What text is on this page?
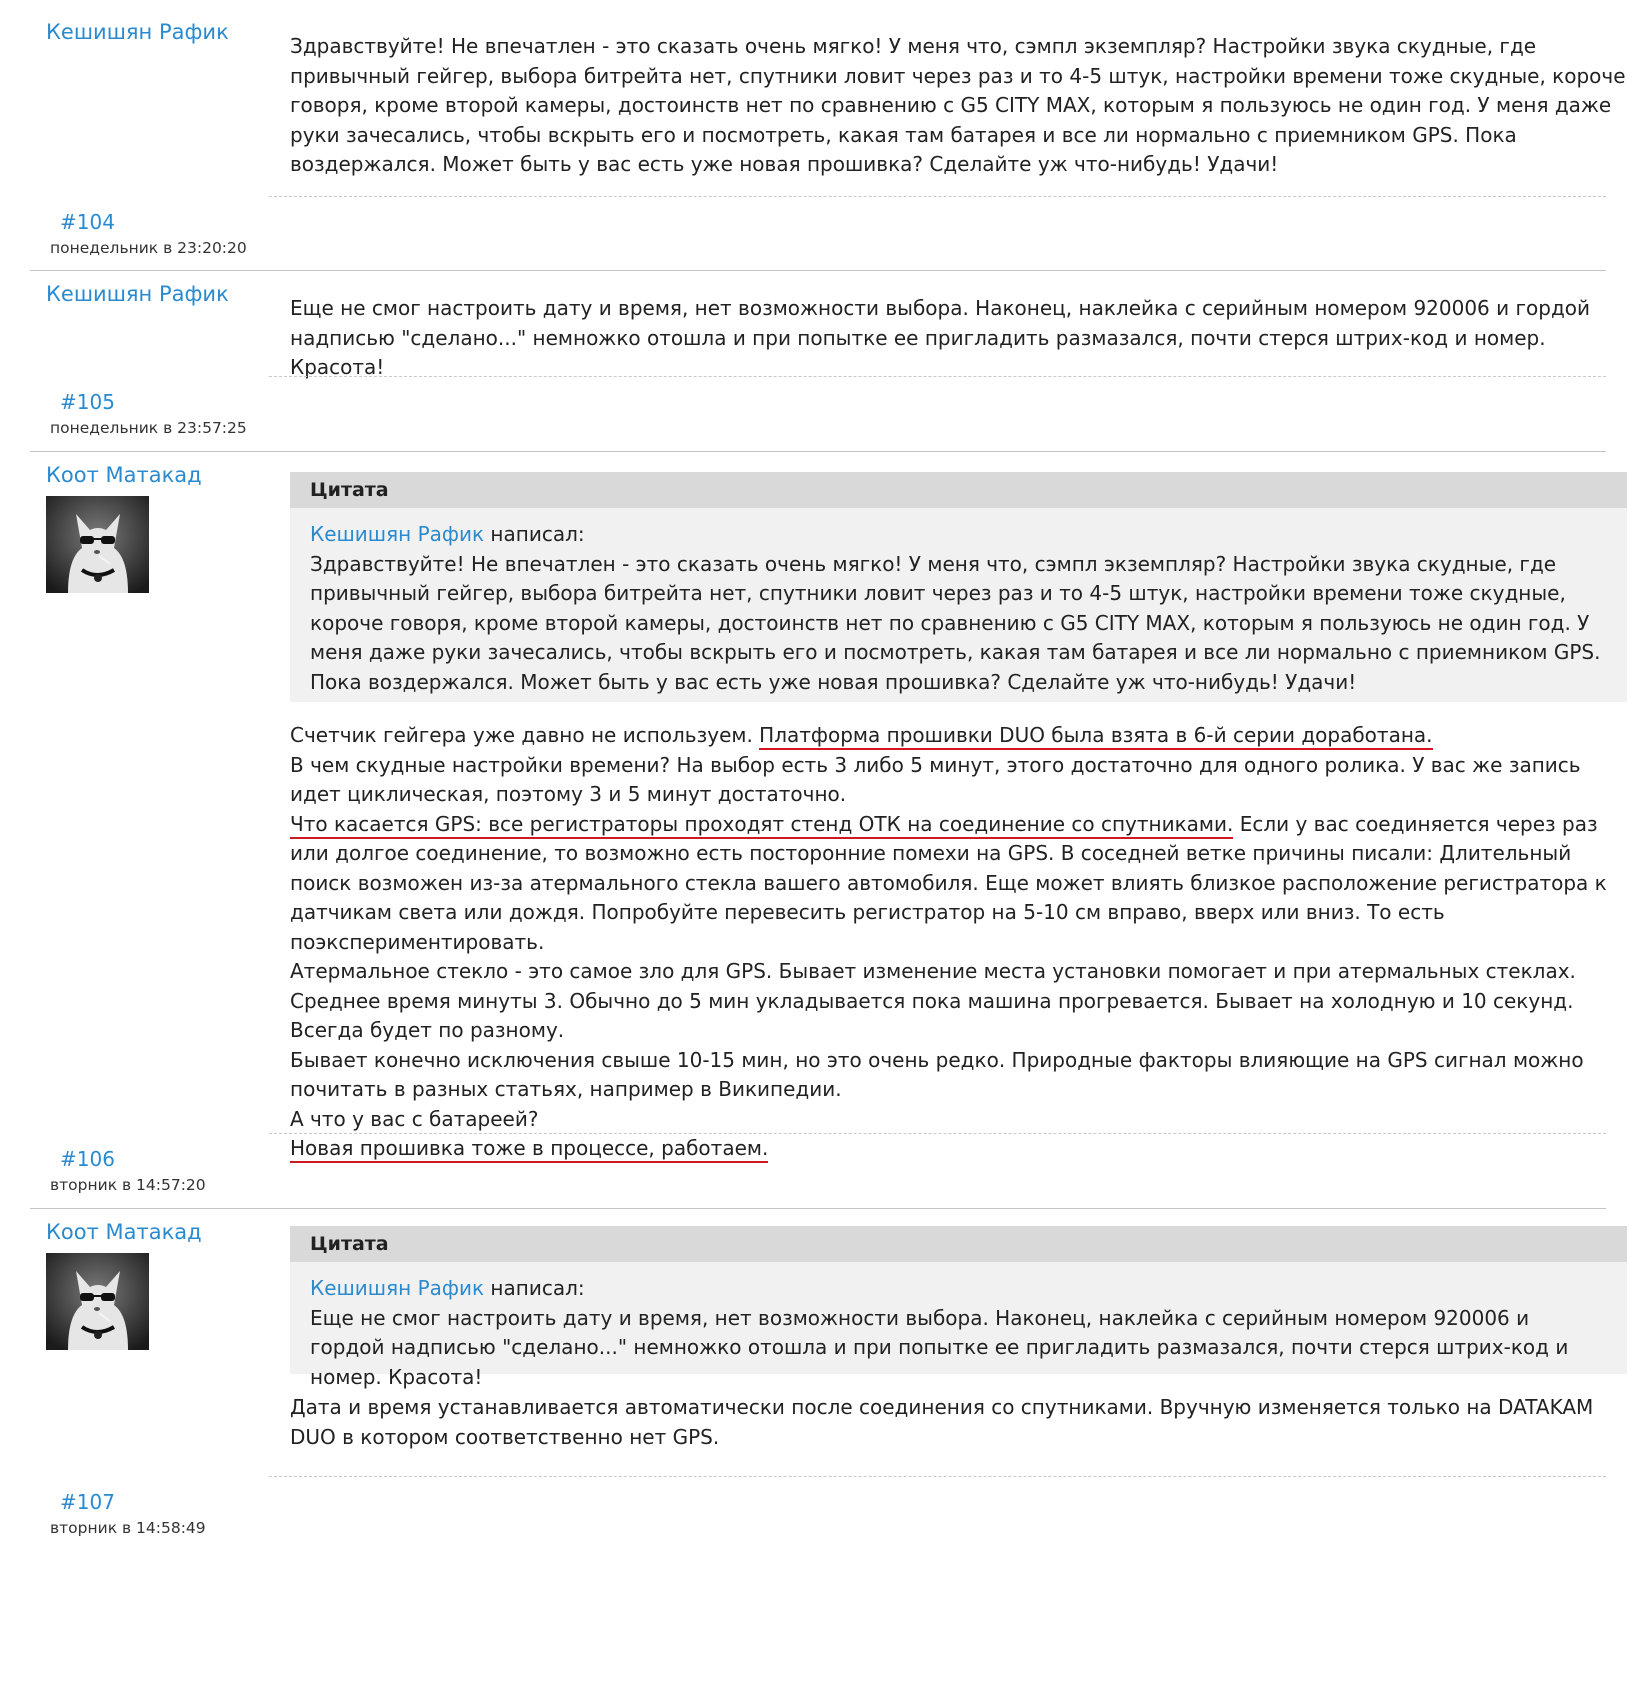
Кешишян Рафик

Здравствуйте! Не впечатлен - это сказать очень мягко! У меня что, сэмпл экземпляр? Настройки звука скудные, где привычный гейгер, выбора битрейта нет, спутники ловит через раз и то 4-5 штук, настройки времени тоже скудные, короче говоря, кроме второй камеры, достоинств нет по сравнению с G5 CITY MAX, которым я пользуюсь не один год. У меня даже руки зачесались, чтобы вскрыть его и посмотреть, какая там батарея и все ли нормально с приемником GPS. Пока воздержался. Может быть у вас есть уже новая прошивка? Сделайте уж что-нибудь! Удачи!

#104
понедельник в 23:20:20
Кешишян Рафик

Еще не смог настроить дату и время, нет возможности выбора. Наконец, наклейка с серийным номером 920006 и гордой надписью "сделано..." немножко отошла и при попытке ее пригладить размазался, почти стерся штрих-код и номер. Красота!

#105
понедельник в 23:57:25
Коот Матакад
Цитата
Кешишян Рафик написал:
Здравствуйте! Не впечатлен - это сказать очень мягко! У меня что, сэмпл экземпляр? Настройки звука скудные, где привычный гейгер, выбора битрейта нет, спутники ловит через раз и то 4-5 штук, настройки времени тоже скудные, короче говоря, кроме второй камеры, достоинств нет по сравнению с G5 CITY MAX, которым я пользуюсь не один год. У меня даже руки зачесались, чтобы вскрыть его и посмотреть, какая там батарея и все ли нормально с приемником GPS. Пока воздержался. Может быть у вас есть уже новая прошивка? Сделайте уж что-нибудь! Удачи!

Счетчик гейгера уже давно не используем. Платформа прошивки DUO была взята в 6-й серии доработана.

В чем скудные настройки времени? На выбор есть 3 либо 5 минут, этого достаточно для одного ролика. У вас же запись идет циклическая, поэтому 3 и 5 минут достаточно.

Что касается GPS: все регистраторы проходят стенд ОТК на соединение со спутниками. Если у вас соединяется через раз или долгое соединение, то возможно есть посторонние помехи на GPS. В соседней ветке причины писали: Длительный поиск возможен из-за атермального стекла вашего автомобиля. Еще может влиять близкое расположение регистратора к датчикам света или дождя. Попробуйте перевесить регистратор на 5-10 см вправо, вверх или вниз. То есть поэкспериментировать.

Атермальное стекло - это самое зло для GPS. Бывает изменение места установки помогает и при атермальных стеклах. Среднее время минуты 3. Обычно до 5 мин укладывается пока машина прогревается. Бывает на холодную и 10 секунд. Всегда будет по разному.

Бывает конечно исключения свыше 10-15 мин, но это очень редко. Природные факторы влияющие на GPS сигнал можно почитать в разных статьях, например в Википедии.

А что у вас с батареей?

Новая прошивка тоже в процессе, работаем.

#106
вторник в 14:57:20
Коот Матакад	Цитата
Кешишян Рафик написал:
Еще не смог настроить дату и время, нет возможности выбора. Наконец, наклейка с серийным номером 920006 и гордой надписью "сделано..." немножко отошла и при попытке ее пригладить размазался, почти стерся штрих-код и номер. Красота!

Дата и время устанавливается автоматически после соединения со спутниками. Вручную изменяется только на DATAKAM DUO в котором соответственно нет GPS.

#107
вторник в 14:58:49
